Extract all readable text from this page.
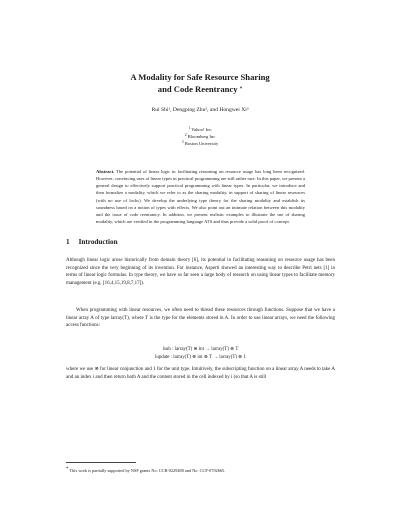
A Modality for Safe Resource Sharing
and Code Reentrancy *
Rui Shi¹, Dengping Zhu², and Hongwei Xi³
$^1$ Yahoo! Inc
$^2$ Bloomberg Inc
$^3$ Boston University
Abstract. The potential of linear logic in facilitating reasoning on resource usage has long been recognized. However, convincing uses of linear types in practical programming are still rather rare. In this paper, we present a general design to effectively support practical programming with linear types. In particular, we introduce and then formalize a modality, which we refer to as the sharing modality, in support of sharing of linear resources (with no use of locks). We develop the underlying type theory for the sharing modality and establish its soundness based on a notion of types with effects. We also point out an intimate relation between this modality and the issue of code reentrancy. In addition, we present realistic examples to illustrate the use of sharing modality, which are verified in the programming language ATS and thus provide a solid proof of concept.
1 Introduction
Although linear logic arose historically from domain theory [6], its potential in facilitating reasoning on resource usage has been recognized since the very beginning of its invention. For instance, Asperti showed an interesting way to describe Petri nets [1] in terms of linear logic formulas. In type theory, we have so far seen a large body of research on using linear types to facilitate memory management (e.g. [16,4,15,19,8,7,17]).
When programming with linear resources, we often need to thread these resources through functions. Suppose that we have a linear array A of type larray(T), where T is the type for the elements stored in A. In order to use linear arrays, we need the following access functions:
lsub : larray(T) ⊗ int → larray(T) ⊗ T
lupdate : larray(T) ⊗ int ⊗ T → larray(T) ⊗ 1
where we use ⊗ for linear conjunction and 1 for the unit type. Intuitively, the subscripting function on a linear array A needs to take A and an index i and then return both A and the content stored in the cell indexed by i (so that A is still
* This work is partially supported by NSF grants No. CCR-0229480 and No. CCF-0702665.
